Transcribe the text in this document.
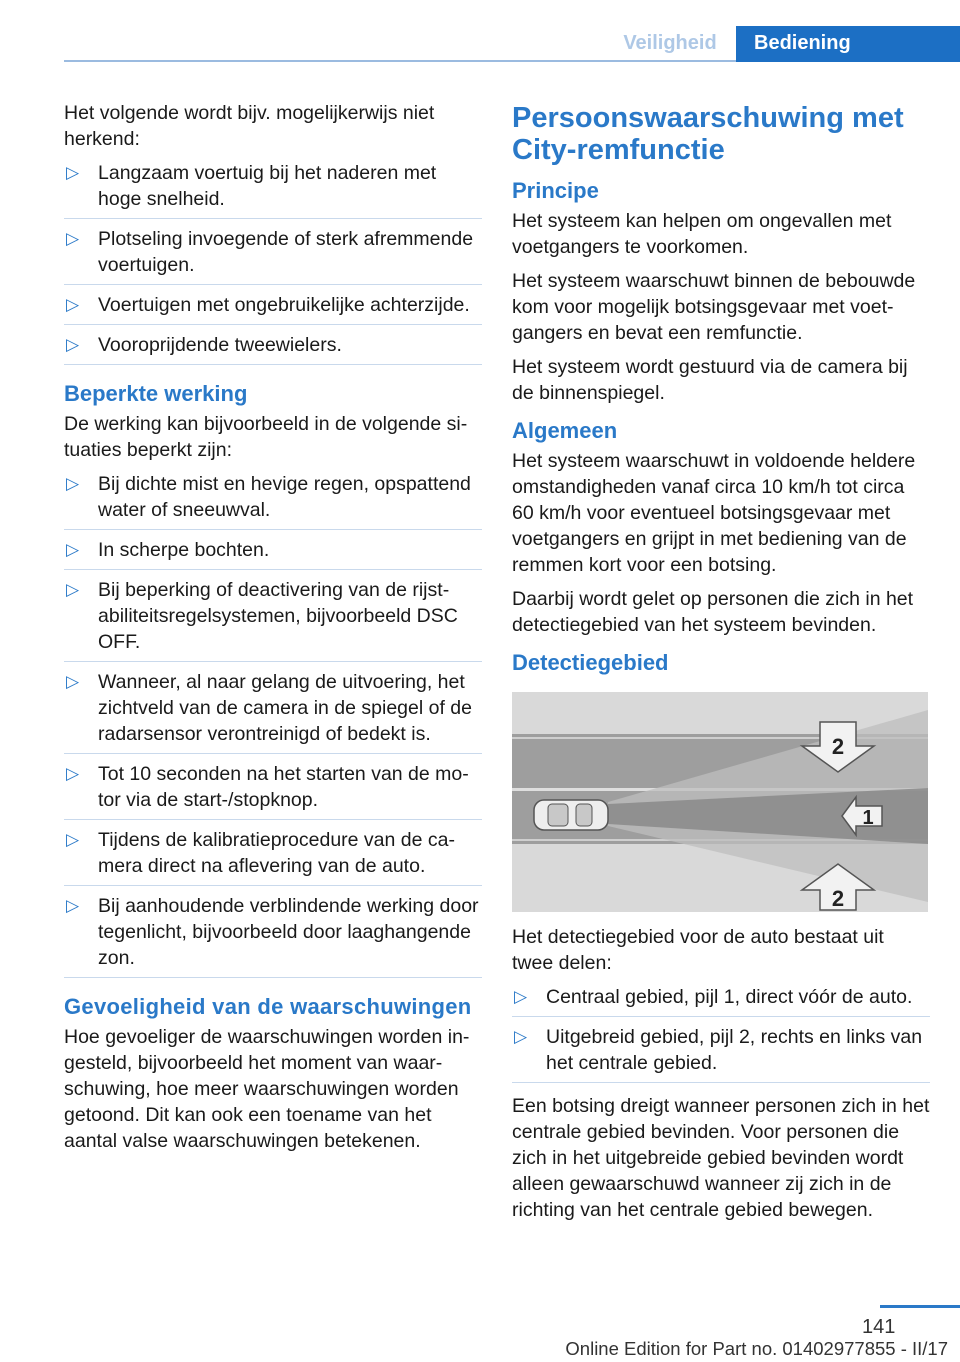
Veiligheid	Bediening

Het volgende wordt bijv. mogelijkerwijs niet herkend:

▷ Langzaam voertuig bij het naderen met hoge snelheid.
▷ Plotseling invoegende of sterk afremmende voertuigen.
▷ Voertuigen met ongebruikelijke achterzijde.
▷ Vooroprijdende tweewielers.
Beperkte werking

De werking kan bijvoorbeeld in de volgende situaties beperkt zijn:

▷ Bij dichte mist en hevige regen, opspattend water of sneeuwval.
▷ In scherpe bochten.
▷ Bij beperking of deactivering van de rijstabiliteitsregelsystemen, bijvoorbeeld DSC OFF.
▷ Wanneer, al naar gelang de uitvoering, het zichtveld van de camera in de spiegel of de radarsensor verontreinigd of bedekt is.
▷ Tot 10 seconden na het starten van de motor via de start-/stopknop.
▷ Tijdens de kalibratieprocedure van de camera direct na aflevering van de auto.
▷ Bij aanhoudende verblindende werking door tegenlicht, bijvoorbeeld door laaghangende zon.
Gevoeligheid van de waarschuwingen

Hoe gevoeliger de waarschuwingen worden ingesteld, bijvoorbeeld het moment van waarschuwing, hoe meer waarschuwingen worden getoond. Dit kan ook een toename van het aantal valse waarschuwingen betekenen.

Persoonswaarschuwing met City-remfunctie
Principe

Het systeem kan helpen om ongevallen met voetgangers te voorkomen.

Het systeem waarschuwt binnen de bebouwde kom voor mogelijk botsingsgevaar met voetgangers en bevat een remfunctie.

Het systeem wordt gestuurd via de camera bij de binnenspiegel.

Algemeen

Het systeem waarschuwt in voldoende heldere omstandigheden vanaf circa 10 km/h tot circa 60 km/h voor eventueel botsingsgevaar met voetgangers en grijpt in met bediening van de remmen kort voor een botsing.

Daarbij wordt gelet op personen die zich in het detectiegebied van het systeem bevinden.

Detectiegebied
2
1
2

Het detectiegebied voor de auto bestaat uit twee delen:

▷ Centraal gebied, pijl 1, direct vóór de auto.
▷ Uitgebreid gebied, pijl 2, rechts en links van het centrale gebied.

Een botsing dreigt wanneer personen zich in het centrale gebied bevinden. Voor personen die zich in het uitgebreide gebied bevinden wordt alleen gewaarschuwd wanneer zij zich in de richting van het centrale gebied bewegen.

141
Online Edition for Part no. 01402977855 - II/17
